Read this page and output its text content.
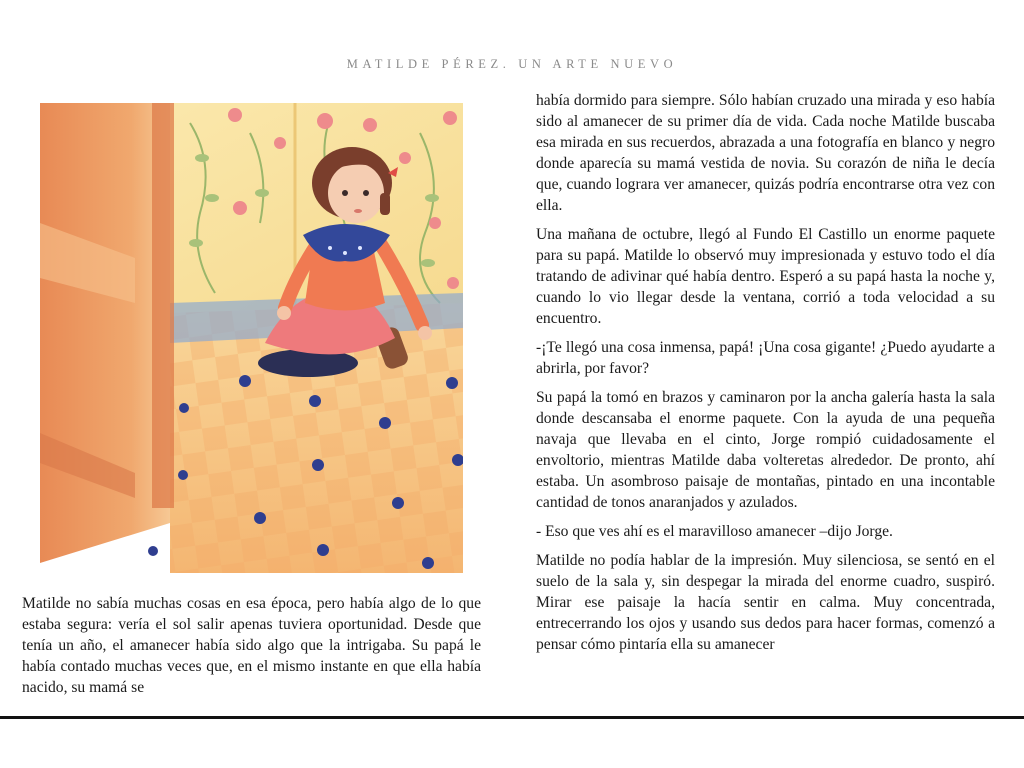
MATILDE PÉREZ. UN ARTE NUEVO

Matilde no sabía muchas cosas en esa época, pero había algo de lo que estaba segura: vería el sol salir apenas tuviera oportunidad. Desde que tenía un año, el amanecer había sido algo que la intrigaba. Su papá le había contado muchas veces que, en el mismo instante en que ella había nacido, su mamá se

había dormido para siempre. Sólo habían cruzado una mirada y eso había sido al amanecer de su primer día de vida. Cada noche Matilde buscaba esa mirada en sus recuerdos, abrazada a una fotografía en blanco y negro donde aparecía su mamá vestida de novia. Su corazón de niña le decía que, cuando lograra ver amanecer, quizás podría encontrarse otra vez con ella.

Una mañana de octubre, llegó al Fundo El Castillo un enorme paquete para su papá. Matilde lo observó muy impresionada y estuvo todo el día tratando de adivinar qué había dentro. Esperó a su papá hasta la noche y, cuando lo vio llegar desde la ventana, corrió a toda velocidad a su encuentro.

-¡Te llegó una cosa inmensa, papá! ¡Una cosa gigante! ¿Puedo ayudarte a abrirla, por favor?

Su papá la tomó en brazos y caminaron por la ancha galería hasta la sala donde descansaba el enorme paquete. Con la ayuda de una pequeña navaja que llevaba en el cinto, Jorge rompió cuidadosamente el envoltorio, mientras Matilde daba volteretas alrededor. De pronto, ahí estaba. Un asombroso paisaje de montañas, pintado en una incontable cantidad de tonos anaranjados y azulados.

- Eso que ves ahí es el maravilloso amanecer –dijo Jorge.

Matilde no podía hablar de la impresión. Muy silenciosa, se sentó en el suelo de la sala y, sin despegar la mirada del enorme cuadro, suspiró. Mirar ese paisaje la hacía sentir en calma. Muy concentrada, entrecerrando los ojos y usando sus dedos para hacer formas, comenzó a pensar cómo pintaría ella su amanecer
